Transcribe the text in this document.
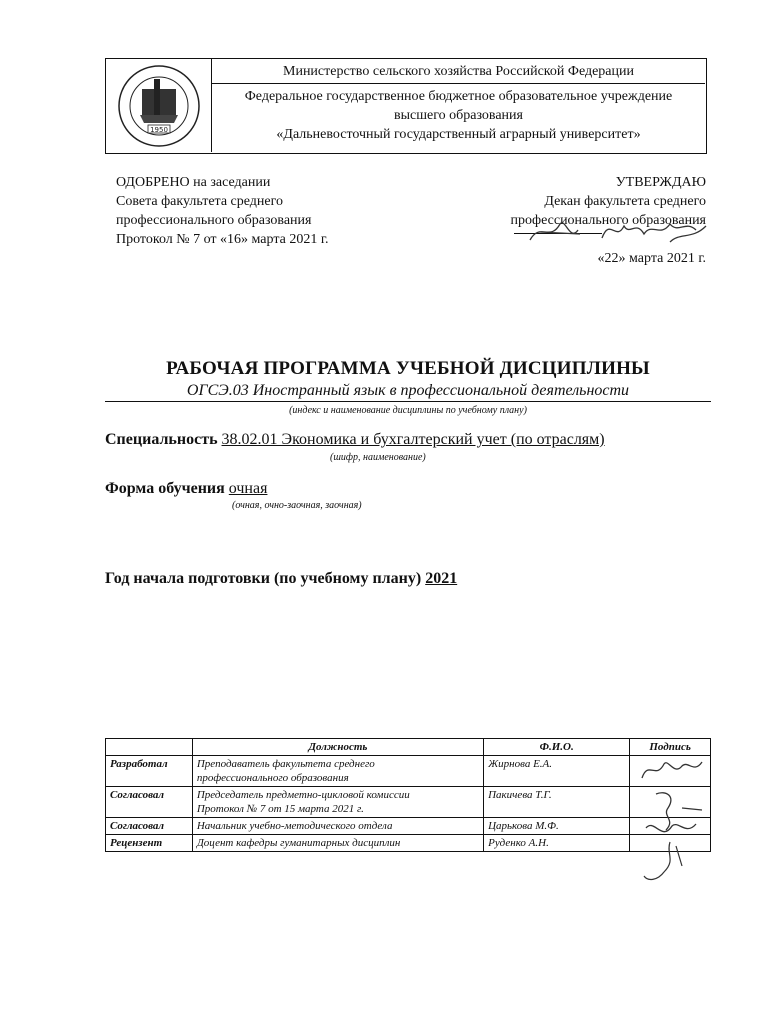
1950
Министерство сельского хозяйства Российской Федерации
Федеральное государственное бюджетное образовательное учреждение
высшего образования
«Дальневосточный государственный аграрный университет»
ОДОБРЕНО на заседании
Совета факультета среднего
профессионального образования
Протокол № 7 от «16» марта 2021 г.
УТВЕРЖДАЮ
Декан факультета среднего
профессионального образования
«22» марта 2021 г.
РАБОЧАЯ ПРОГРАММА УЧЕБНОЙ ДИСЦИПЛИНЫ
ОГСЭ.03 Иностранный язык в профессиональной деятельности
(индекс и наименование дисциплины по учебному плану)
Специальность 38.02.01 Экономика и бухгалтерский учет (по отраслям)
(шифр, наименование)
Форма обучения очная
(очная, очно-заочная, заочная)
Год начала подготовки (по учебному плану) 2021
	Должность	Ф.И.О.	Подпись
Разработал	Преподаватель факультета среднего
профессионального образования	Жирнова Е.А.	
Согласовал	Председатель предметно-цикловой комиссии
Протокол № 7 от 15 марта 2021 г.	Пакичева Т.Г.	
Согласовал	Начальник учебно-методического отдела	Царькова М.Ф.	
Рецензент	Доцент кафедры гуманитарных дисциплин	Руденко А.Н.	
